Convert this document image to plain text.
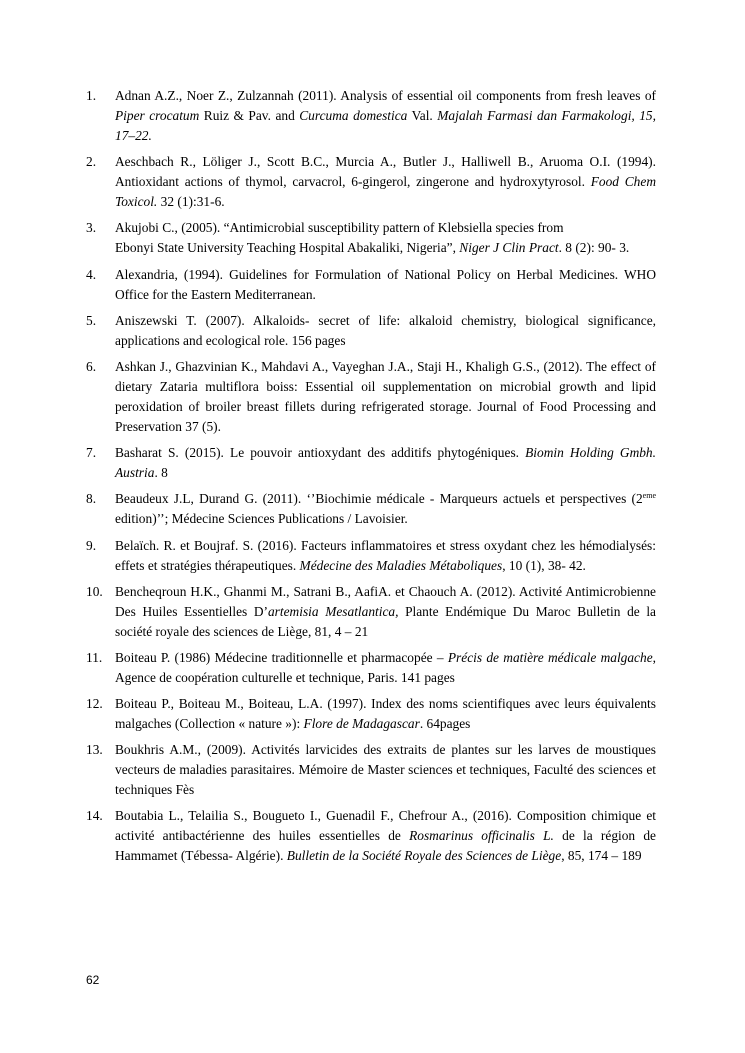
1.	Adnan A.Z., Noer Z., Zulzannah (2011). Analysis of essential oil components from fresh leaves of Piper crocatum Ruiz & Pav. and Curcuma domestica Val. Majalah Farmasi dan Farmakologi, 15, 17–22.
2.	Aeschbach R., Löliger J., Scott B.C., Murcia A., Butler J., Halliwell B., Aruoma O.I. (1994). Antioxidant actions of thymol, carvacrol, 6-gingerol, zingerone and hydroxytyrosol. Food Chem Toxicol. 32 (1):31-6.
3.	Akujobi C., (2005). “Antimicrobial susceptibility pattern of Klebsiella species from
Ebonyi State University Teaching Hospital Abakaliki, Nigeria”, Niger J Clin Pract. 8 (2): 90- 3.
4.	Alexandria, (1994). Guidelines for Formulation of National Policy on Herbal Medicines. WHO Office for the Eastern Mediterranean.
5.	Aniszewski T. (2007). Alkaloids- secret of life: alkaloid chemistry, biological significance, applications and ecological role. 156 pages
6.	Ashkan J., Ghazvinian K., Mahdavi A., Vayeghan J.A., Staji H., Khaligh G.S., (2012). The effect of dietary Zataria multiflora boiss: Essential oil supplementation on microbial growth and lipid peroxidation of broiler breast fillets during refrigerated storage. Journal of Food Processing and Preservation 37 (5).
7.	Basharat S. (2015). Le pouvoir antioxydant des additifs phytogéniques. Biomin Holding Gmbh. Austria. 8
8.	Beaudeux J.L, Durand G. (2011). ‘’Biochimie médicale - Marqueurs actuels et perspectives (2eme edition)’’; Médecine Sciences Publications / Lavoisier.
9.	Belaïch. R. et Boujraf. S. (2016). Facteurs inflammatoires et stress oxydant chez les hémodialysés: effets et stratégies thérapeutiques. Médecine des Maladies Métaboliques, 10 (1), 38- 42.
10. Bencheqroun H.K., Ghanmi M., Satrani B., AafiA. et Chaouch A. (2012). Activité Antimicrobienne Des Huiles Essentielles D’artemisia Mesatlantica, Plante Endémique Du Maroc Bulletin de la société royale des sciences de Liège, 81, 4 – 21
11. Boiteau P. (1986) Médecine traditionnelle et pharmacopée – Précis de matière médicale malgache, Agence de coopération culturelle et technique, Paris. 141 pages
12. Boiteau P., Boiteau M., Boiteau, L.A. (1997). Index des noms scientifiques avec leurs équivalents malgaches (Collection « nature »): Flore de Madagascar. 64pages
13. Boukhris A.M., (2009). Activités larvicides des extraits de plantes sur les larves de moustiques vecteurs de maladies parasitaires. Mémoire de Master sciences et techniques, Faculté des sciences et techniques Fès
14. Boutabia L., Telailia S., Bougueto I., Guenadil F., Chefrour A., (2016). Composition chimique et activité antibactérienne des huiles essentielles de Rosmarinus officinalis L. de la région de Hammamet (Tébessa- Algérie). Bulletin de la Société Royale des Sciences de Liège, 85, 174 – 189
62
